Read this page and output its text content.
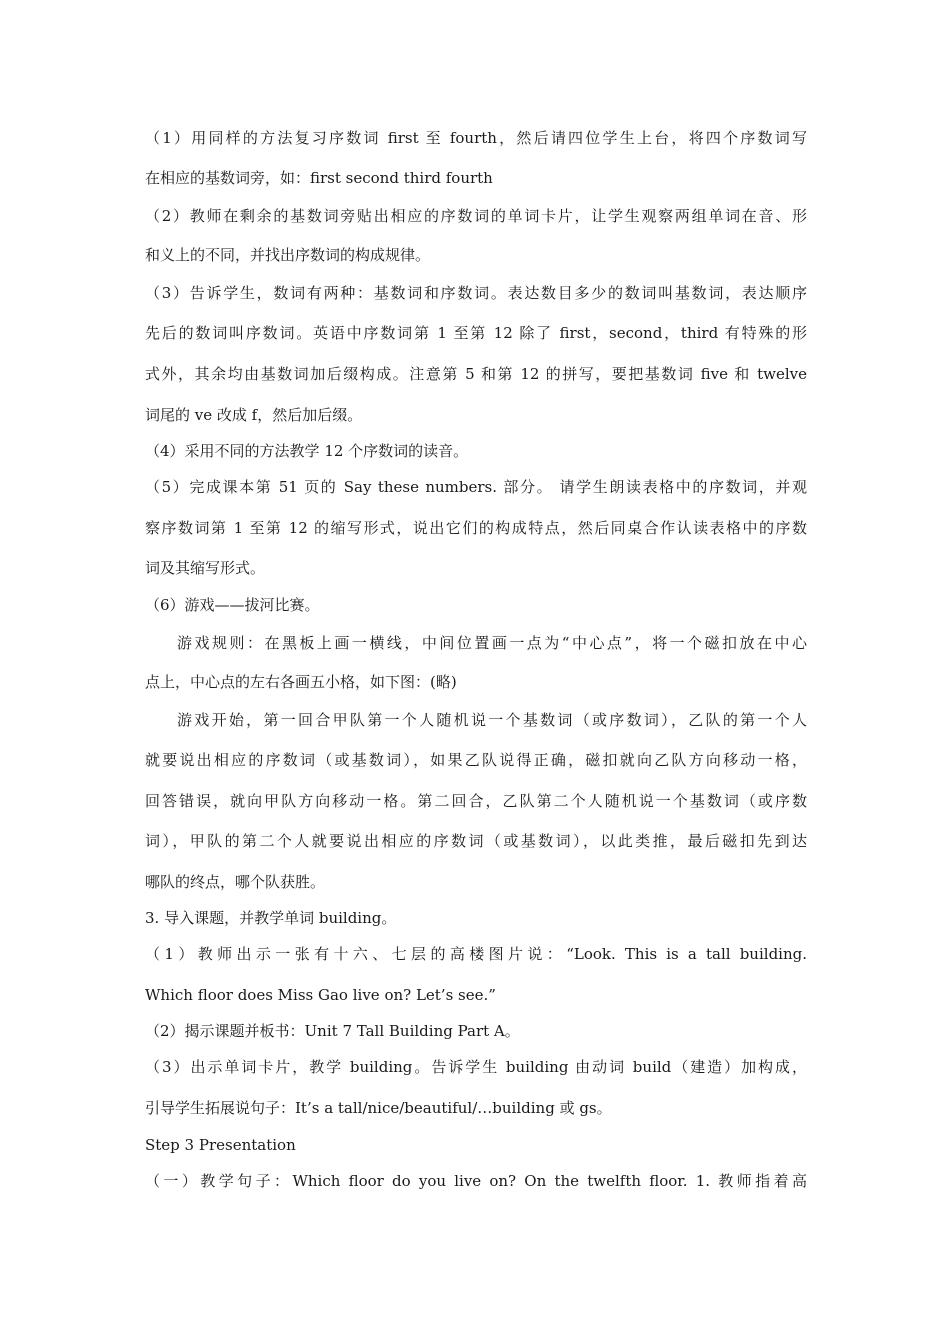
（1）用同样的方法复习序数词 first 至 fourth，然后请四位学生上台，将四个序数词写
在相应的基数词旁，如：first second third fourth
（2）教师在剩余的基数词旁贴出相应的序数词的单词卡片，让学生观察两组单词在音、形
和义上的不同，并找出序数词的构成规律。
（3）告诉学生，数词有两种：基数词和序数词。表达数目多少的数词叫基数词，表达顺序
先后的数词叫序数词。英语中序数词第 1 至第 12 除了 first，second，third 有特殊的形
式外，其余均由基数词加后缀构成。注意第 5 和第 12 的拼写，要把基数词 five 和 twelve
词尾的 ve 改成 f，然后加后缀。
（4）采用不同的方法教学 12 个序数词的读音。
（5）完成课本第 51 页的 Say these numbers. 部分。 请学生朗读表格中的序数词，并观
察序数词第 1 至第 12 的缩写形式，说出它们的构成特点，然后同桌合作认读表格中的序数
词及其缩写形式。
（6）游戏——拔河比赛。
游戏规则：在黑板上画一横线，中间位置画一点为“中心点”，将一个磁扣放在中心
点上，中心点的左右各画五小格，如下图：(略)
游戏开始，第一回合甲队第一个人随机说一个基数词（或序数词），乙队的第一个人
就要说出相应的序数词（或基数词），如果乙队说得正确，磁扣就向乙队方向移动一格，
回答错误，就向甲队方向移动一格。第二回合，乙队第二个人随机说一个基数词（或序数
词），甲队的第二个人就要说出相应的序数词（或基数词），以此类推，最后磁扣先到达
哪队的终点，哪个队获胜。
3. 导入课题，并教学单词 building。
（1）教师出示一张有十六、七层的高楼图片说：“Look. This is a tall building.
Which floor does Miss Gao live on? Let’s see.”
（2）揭示课题并板书：Unit 7 Tall Building Part A。
（3）出示单词卡片，教学 building。告诉学生 building 由动词 build（建造）加构成，
引导学生拓展说句子：It’s a tall/nice/beautiful/…building 或 gs。
Step 3 Presentation
（一）教学句子：Which floor do you live on? On the twelfth floor. 1. 教师指着高
